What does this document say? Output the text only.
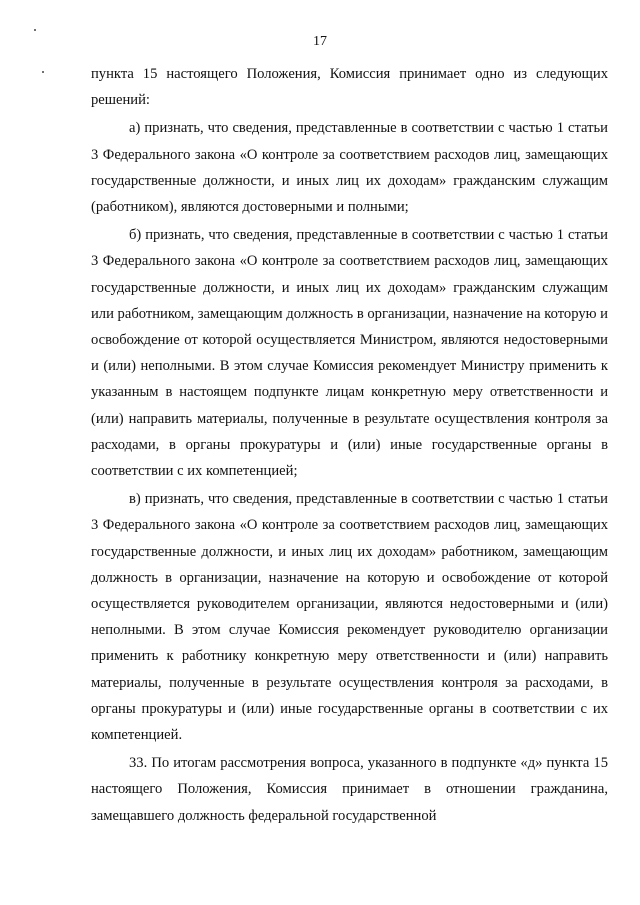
17

пункта 15 настоящего Положения, Комиссия принимает одно из следующих решений:

а) признать, что сведения, представленные в соответствии с частью 1 статьи 3 Федерального закона «О контроле за соответствием расходов лиц, замещающих государственные должности, и иных лиц их доходам» гражданским служащим (работником), являются достоверными и полными;

б) признать, что сведения, представленные в соответствии с частью 1 статьи 3 Федерального закона «О контроле за соответствием расходов лиц, замещающих государственные должности, и иных лиц их доходам» гражданским служащим или работником, замещающим должность в организации, назначение на которую и освобождение от которой осуществляется Министром, являются недостоверными и (или) неполными. В этом случае Комиссия рекомендует Министру применить к указанным в настоящем подпункте лицам конкретную меру ответственности и (или) направить материалы, полученные в результате осуществления контроля за расходами, в органы прокуратуры и (или) иные государственные органы в соответствии с их компетенцией;

в) признать, что сведения, представленные в соответствии с частью 1 статьи 3 Федерального закона «О контроле за соответствием расходов лиц, замещающих государственные должности, и иных лиц их доходам» работником, замещающим должность в организации, назначение на которую и освобождение от которой осуществляется руководителем организации, являются недостоверными и (или) неполными. В этом случае Комиссия рекомендует руководителю организации применить к работнику конкретную меру ответственности и (или) направить материалы, полученные в результате осуществления контроля за расходами, в органы прокуратуры и (или) иные государственные органы в соответствии с их компетенцией.

33. По итогам рассмотрения вопроса, указанного в подпункте «д» пункта 15 настоящего Положения, Комиссия принимает в отношении гражданина, замещавшего должность федеральной государственной
